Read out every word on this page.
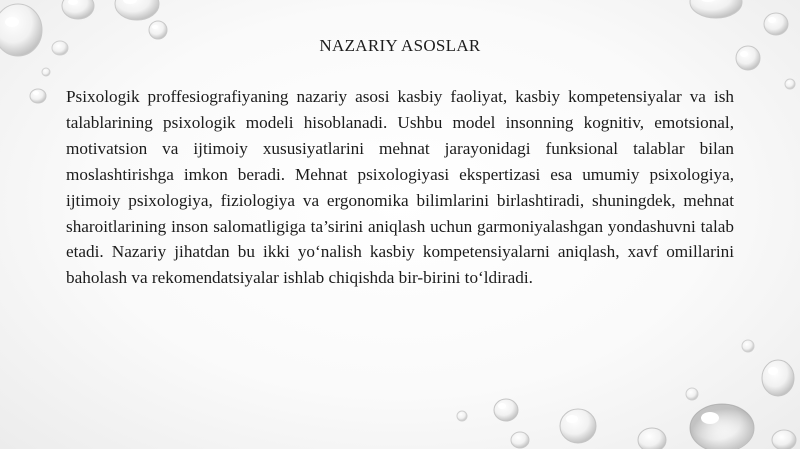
NAZARIY ASOSLAR

Psixologik proffesiografiyaning nazariy asosi kasbiy faoliyat, kasbiy kompetensiyalar va ish talablarining psixologik modeli hisoblanadi. Ushbu model insonning kognitiv, emotsional, motivatsion va ijtimoiy xususiyatlarini mehnat jarayonidagi funksional talablar bilan moslashtirishga imkon beradi. Mehnat psixologiyasi ekspertizasi esa umumiy psixologiya, ijtimoiy psixologiya, fiziologiya va ergonomika bilimlarini birlashtiradi, shuningdek, mehnat sharoitlarining inson salomatligiga ta’sirini aniqlash uchun garmoniyalashgan yondashuvni talab etadi. Nazariy jihatdan bu ikki yo‘nalish kasbiy kompetensiyalarni aniqlash, xavf omillarini baholash va rekomendatsiyalar ishlab chiqishda bir-birini to‘ldiradi.
